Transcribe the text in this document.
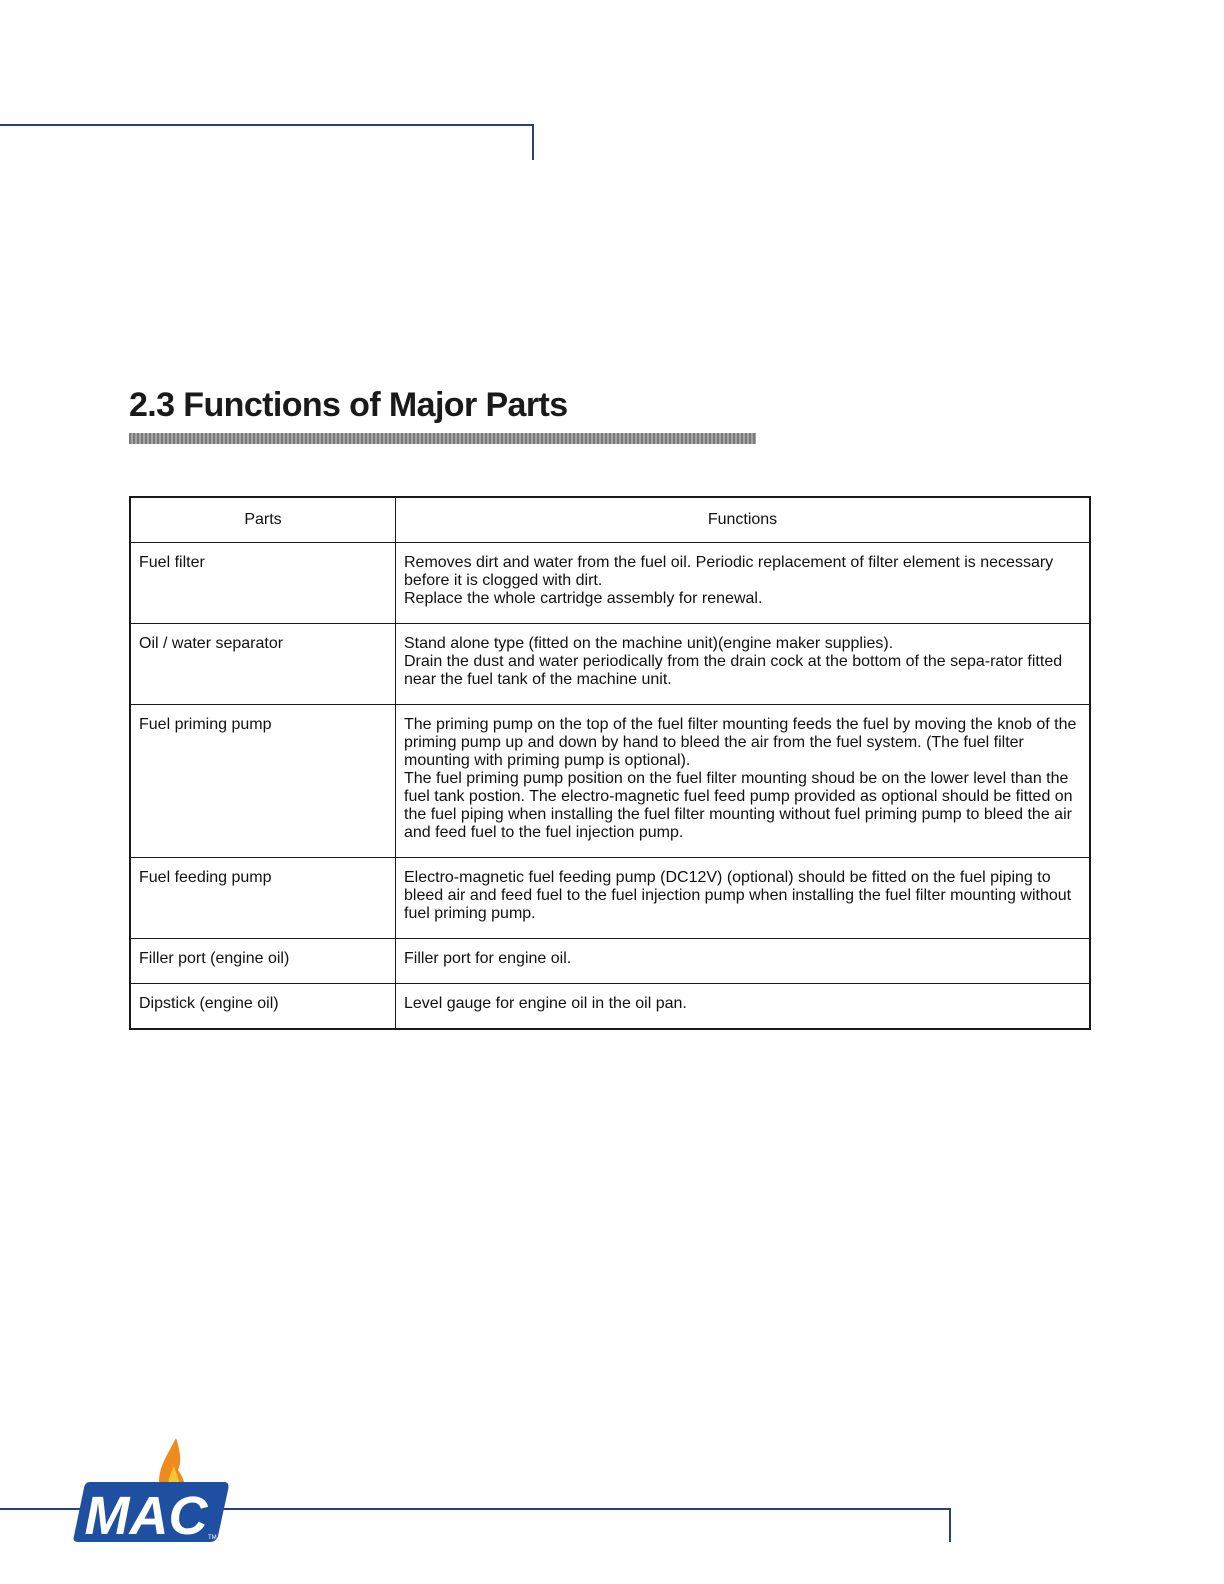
2.3 Functions of Major Parts
Parts	Functions
Fuel filter	Removes dirt and water from the fuel oil. Periodic replacement of filter element is necessary before it is clogged with dirt.
Replace the whole cartridge assembly for renewal.

Oil / water separator	Stand alone type (fitted on the machine unit)(engine maker supplies).
Drain the dust and water periodically from the drain cock at the bottom of the sepa-rator fitted near the fuel tank of the machine unit.

Fuel priming pump	The priming pump on the top of the fuel filter mounting feeds the fuel by moving the knob of the priming pump up and down by hand to bleed the air from the fuel system. (The fuel filter mounting with priming pump is optional).
The fuel priming pump position on the fuel filter mounting shoud be on the lower level than the fuel tank postion. The electro-magnetic fuel feed pump provided as optional should be fitted on the fuel piping when installing the fuel filter mounting without fuel priming pump to bleed the air and feed fuel to the fuel injection pump.

Fuel feeding pump	Electro-magnetic fuel feeding pump (DC12V) (optional) should be fitted on the fuel piping to bleed air and feed fuel to the fuel injection pump when installing the fuel filter mounting without fuel priming pump.

Filler port (engine oil)	Filler port for engine oil.

Dipstick (engine oil)	Level gauge for engine oil in the oil pan.
MAC TM
